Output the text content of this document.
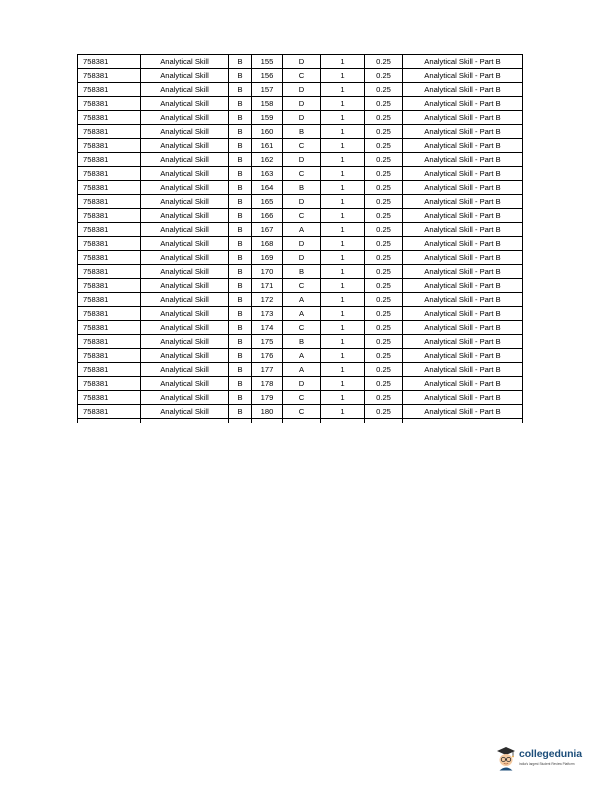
758381	Analytical Skill	B	155	D	1	0.25	Analytical Skill - Part B
758381	Analytical Skill	B	156	C	1	0.25	Analytical Skill - Part B
758381	Analytical Skill	B	157	D	1	0.25	Analytical Skill - Part B
758381	Analytical Skill	B	158	D	1	0.25	Analytical Skill - Part B
758381	Analytical Skill	B	159	D	1	0.25	Analytical Skill - Part B
758381	Analytical Skill	B	160	B	1	0.25	Analytical Skill - Part B
758381	Analytical Skill	B	161	C	1	0.25	Analytical Skill - Part B
758381	Analytical Skill	B	162	D	1	0.25	Analytical Skill - Part B
758381	Analytical Skill	B	163	C	1	0.25	Analytical Skill - Part B
758381	Analytical Skill	B	164	B	1	0.25	Analytical Skill - Part B
758381	Analytical Skill	B	165	D	1	0.25	Analytical Skill - Part B
758381	Analytical Skill	B	166	C	1	0.25	Analytical Skill - Part B
758381	Analytical Skill	B	167	A	1	0.25	Analytical Skill - Part B
758381	Analytical Skill	B	168	D	1	0.25	Analytical Skill - Part B
758381	Analytical Skill	B	169	D	1	0.25	Analytical Skill - Part B
758381	Analytical Skill	B	170	B	1	0.25	Analytical Skill - Part B
758381	Analytical Skill	B	171	C	1	0.25	Analytical Skill - Part B
758381	Analytical Skill	B	172	A	1	0.25	Analytical Skill - Part B
758381	Analytical Skill	B	173	A	1	0.25	Analytical Skill - Part B
758381	Analytical Skill	B	174	C	1	0.25	Analytical Skill - Part B
758381	Analytical Skill	B	175	B	1	0.25	Analytical Skill - Part B
758381	Analytical Skill	B	176	A	1	0.25	Analytical Skill - Part B
758381	Analytical Skill	B	177	A	1	0.25	Analytical Skill - Part B
758381	Analytical Skill	B	178	D	1	0.25	Analytical Skill - Part B
758381	Analytical Skill	B	179	C	1	0.25	Analytical Skill - Part B
758381	Analytical Skill	B	180	C	1	0.25	Analytical Skill - Part B

collegedunia
India's largest Student Review Platform
